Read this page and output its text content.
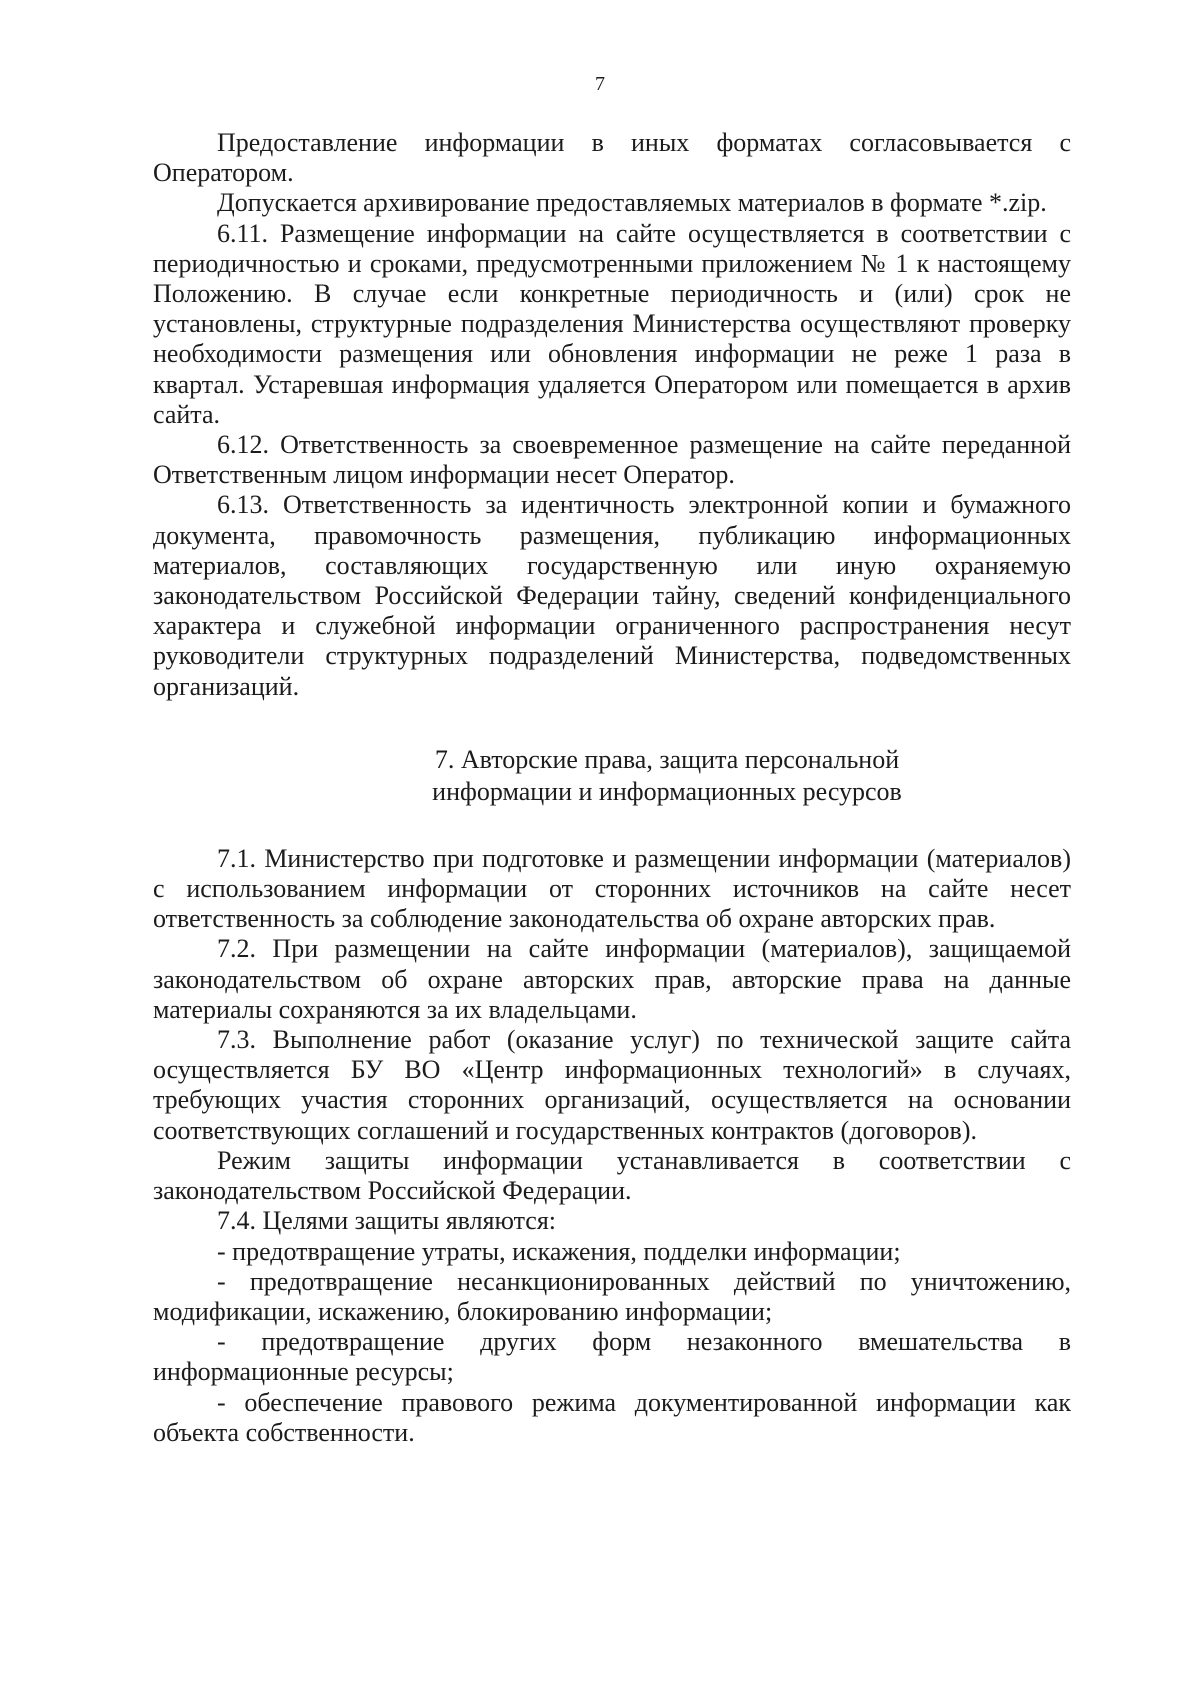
7

Предоставление информации в иных форматах согласовывается с Оператором.

Допускается архивирование предоставляемых материалов в формате *.zip.

6.11. Размещение информации на сайте осуществляется в соответствии с периодичностью и сроками, предусмотренными приложением № 1 к настоящему Положению. В случае если конкретные периодичность и (или) срок не установлены, структурные подразделения Министерства осуществляют проверку необходимости размещения или обновления информации не реже 1 раза в квартал. Устаревшая информация удаляется Оператором или помещается в архив сайта.

6.12. Ответственность за своевременное размещение на сайте переданной Ответственным лицом информации несет Оператор.

6.13. Ответственность за идентичность электронной копии и бумажного документа, правомочность размещения, публикацию информационных материалов, составляющих государственную или иную охраняемую законодательством Российской Федерации тайну, сведений конфиденциального характера и служебной информации ограниченного распространения несут руководители структурных подразделений Министерства, подведомственных организаций.

7. Авторские права, защита персональной
информации и информационных ресурсов

7.1. Министерство при подготовке и размещении информации (материалов) с использованием информации от сторонних источников на сайте несет ответственность за соблюдение законодательства об охране авторских прав.

7.2. При размещении на сайте информации (материалов), защищаемой законодательством об охране авторских прав, авторские права на данные материалы сохраняются за их владельцами.

7.3. Выполнение работ (оказание услуг) по технической защите сайта осуществляется БУ ВО «Центр информационных технологий» в случаях, требующих участия сторонних организаций, осуществляется на основании соответствующих соглашений и государственных контрактов (договоров).

Режим защиты информации устанавливается в соответствии с законодательством Российской Федерации.

7.4. Целями защиты являются:

- предотвращение утраты, искажения, подделки информации;

- предотвращение несанкционированных действий по уничтожению, модификации, искажению, блокированию информации;

- предотвращение других форм незаконного вмешательства в информационные ресурсы;

- обеспечение правового режима документированной информации как объекта собственности.
